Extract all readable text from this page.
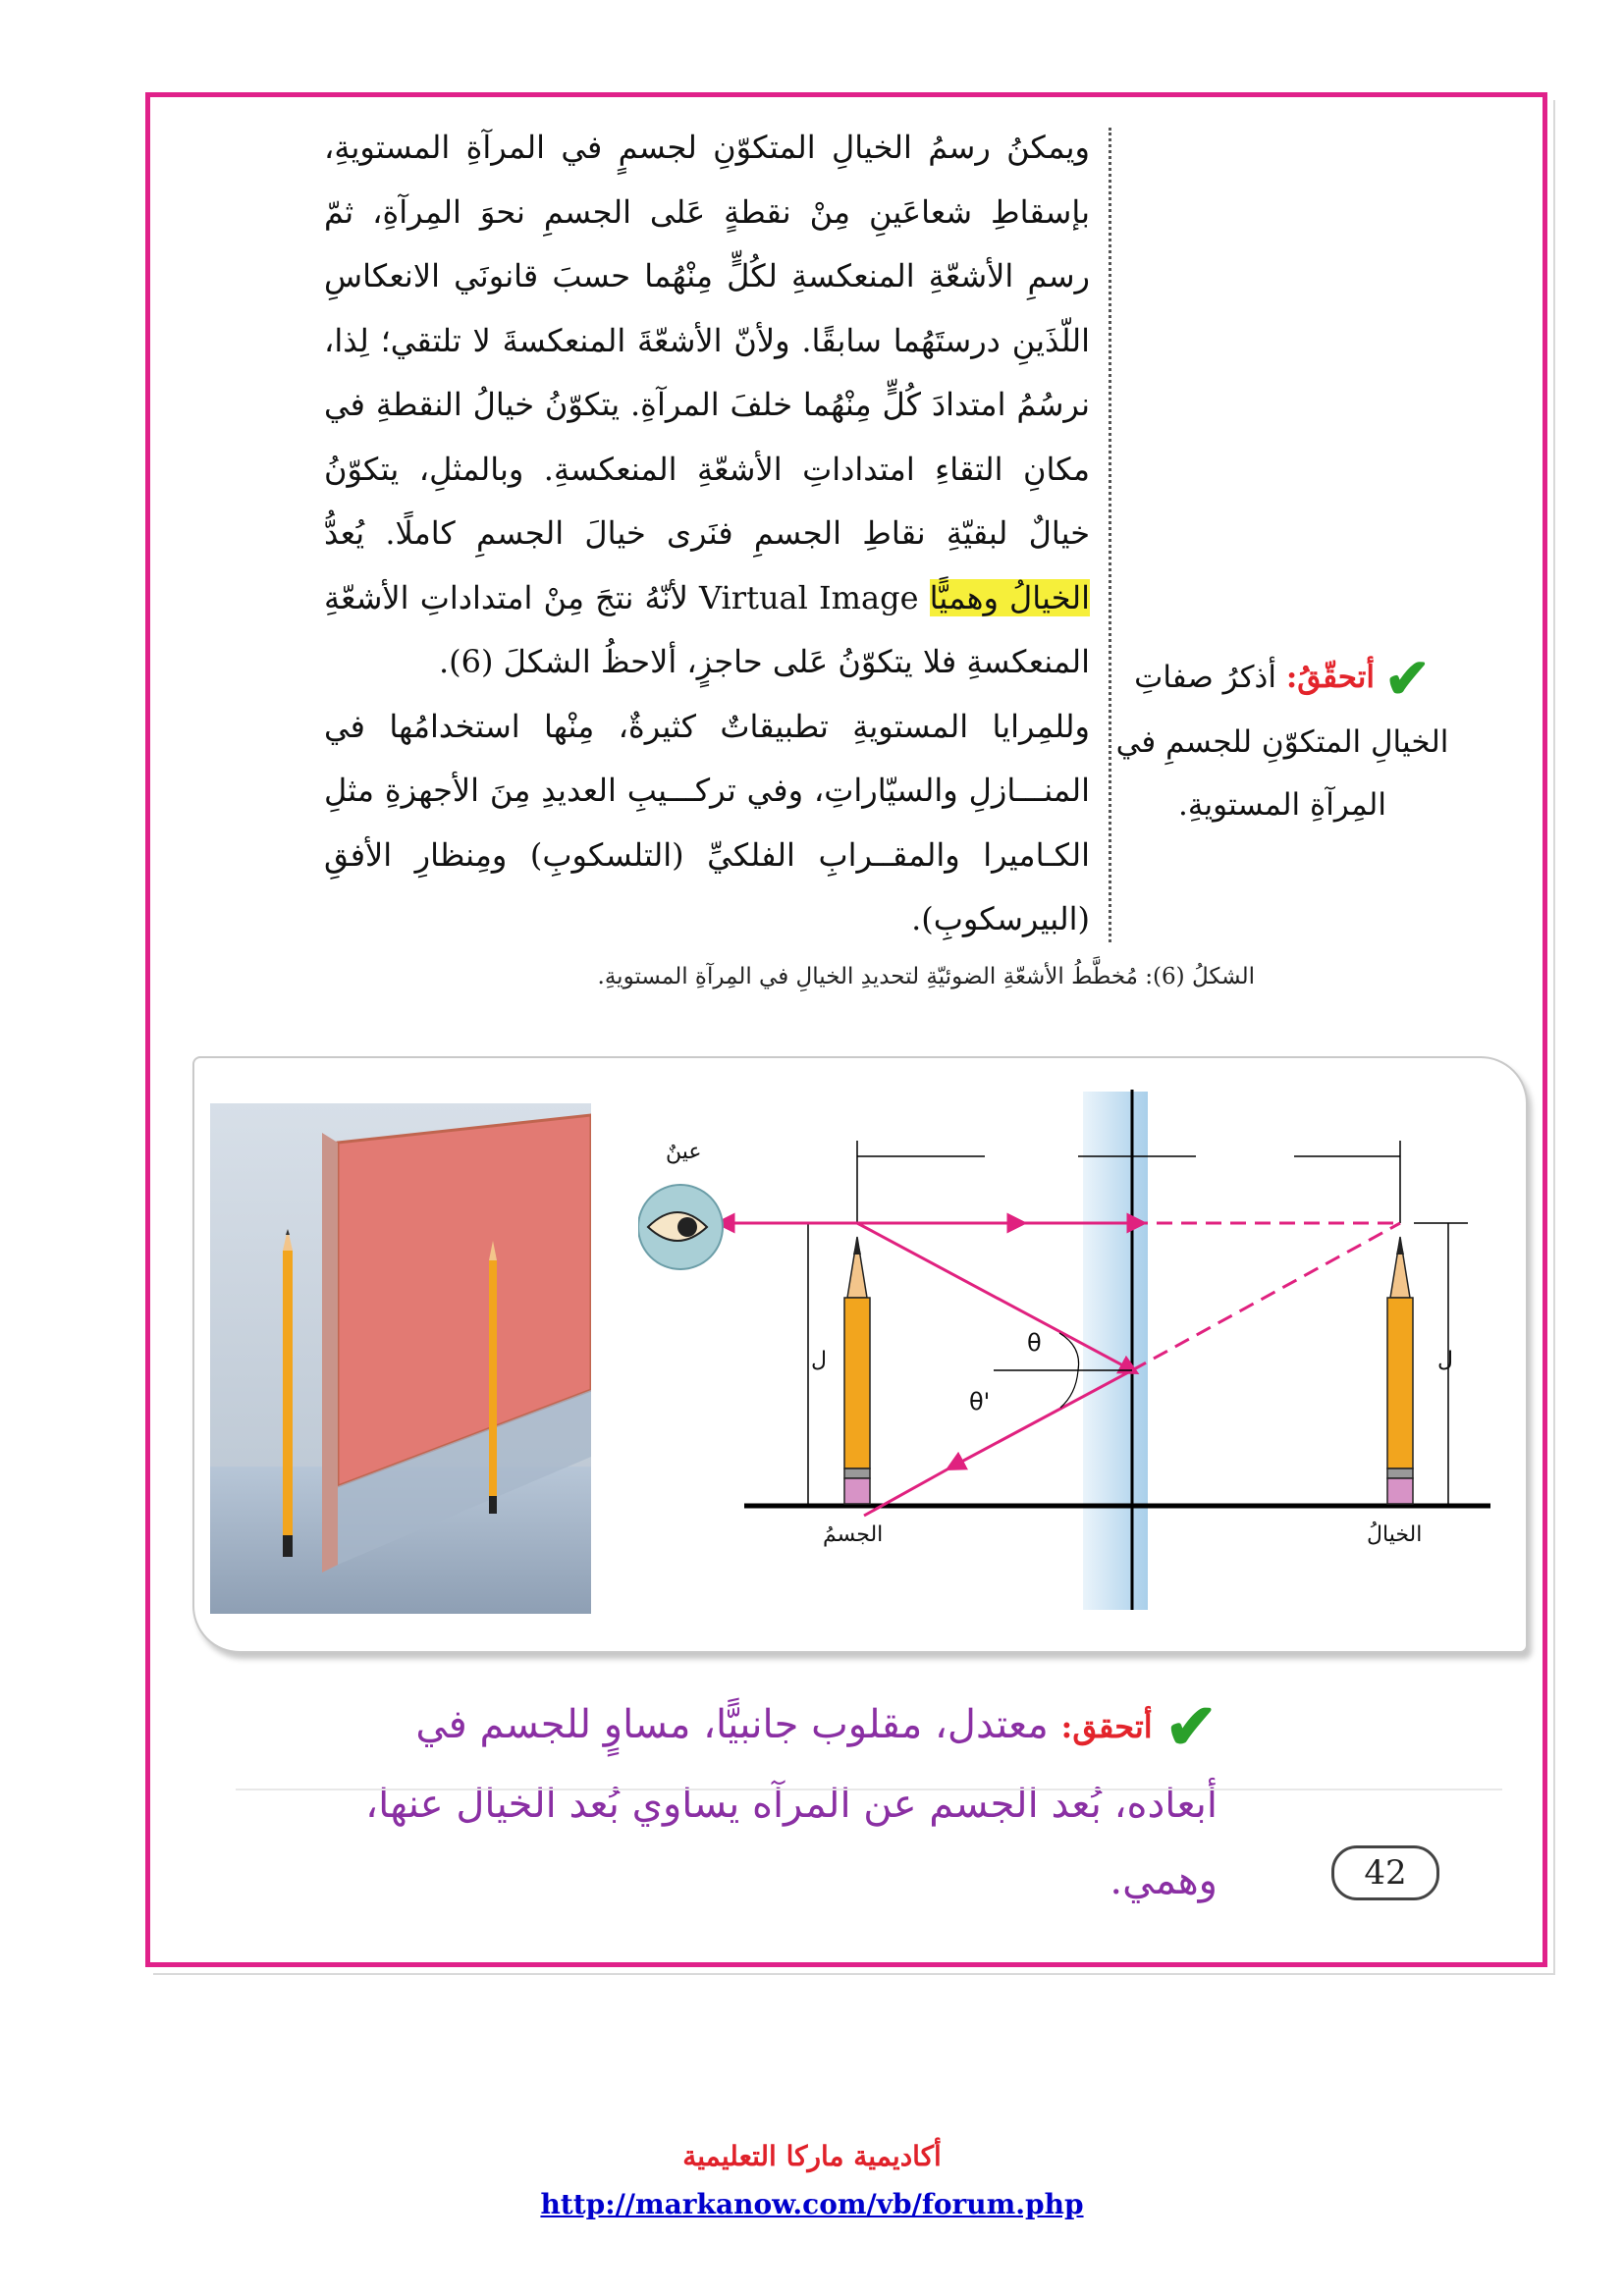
ويمكنُ رسمُ الخيالِ المتكوّنِ لجسمٍ في المرآةِ المستويةِ، بإسقاطِ شعاعَينِ مِنْ نقطةٍ عَلى الجسمِ نحوَ المِرآةِ، ثمّ رسمِ الأشعّةِ المنعكسةِ لكُلٍّ مِنْهُما حسبَ قانونَي الانعكاسِ اللّذَينِ درستَهُما سابقًا. ولأنّ الأشعّةَ المنعكسةَ لا تلتقي؛ لِذا، نرسُمُ امتدادَ كُلٍّ مِنْهُما خلفَ المرآةِ. يتكوّنُ خيالُ النقطةِ في مكانِ التقاءِ امتداداتِ الأشعّةِ المنعكسةِ. وبالمثلِ، يتكوّنُ خيالٌ لبقيّةِ نقاطِ الجسمِ فنَرى خيالَ الجسمِ كاملًا. يُعدُّ الخيالُ وهميًّا Virtual Image لأنّهُ نتجَ مِنْ امتداداتِ الأشعّةِ المنعكسةِ فلا يتكوّنُ عَلى حاجزٍ، ألاحظُ الشكلَ (6).

وللمِرايا المستويةِ تطبيقاتٌ كثيرةٌ، مِنْها استخدامُها في المنـــازلِ والسيّاراتِ، وفي تركـــيبِ العديدِ مِنَ الأجهزةِ مثلِ الكـاميرا والمقــرابِ الفلكيِّ (التلسكوبِ) ومِنظارِ الأفقِ (البيرسكوبِ).

✔ أتحقّقُ: أذكرُ صفاتِ الخيالِ المتكوّنِ للجسمِ في المِرآةِ المستويةِ.
الشكلُ (6): مُخطَّطُ الأشعّةِ الضوئيّةِ لتحديدِ الخيالِ في المِرآةِ المستويةِ.
ل	ل
θ
θ'
عينٌ
الجسمُ	الخيالُ
✔ أتحقق: معتدل، مقلوب جانبيًّا، مساوٍ للجسم في أبعاده، بُعد الجسم عن المرآه يساوي بُعد الخيال عنها، وهمي.	42
أكاديمية ماركا التعليمية
http://markanow.com/vb/forum.php
